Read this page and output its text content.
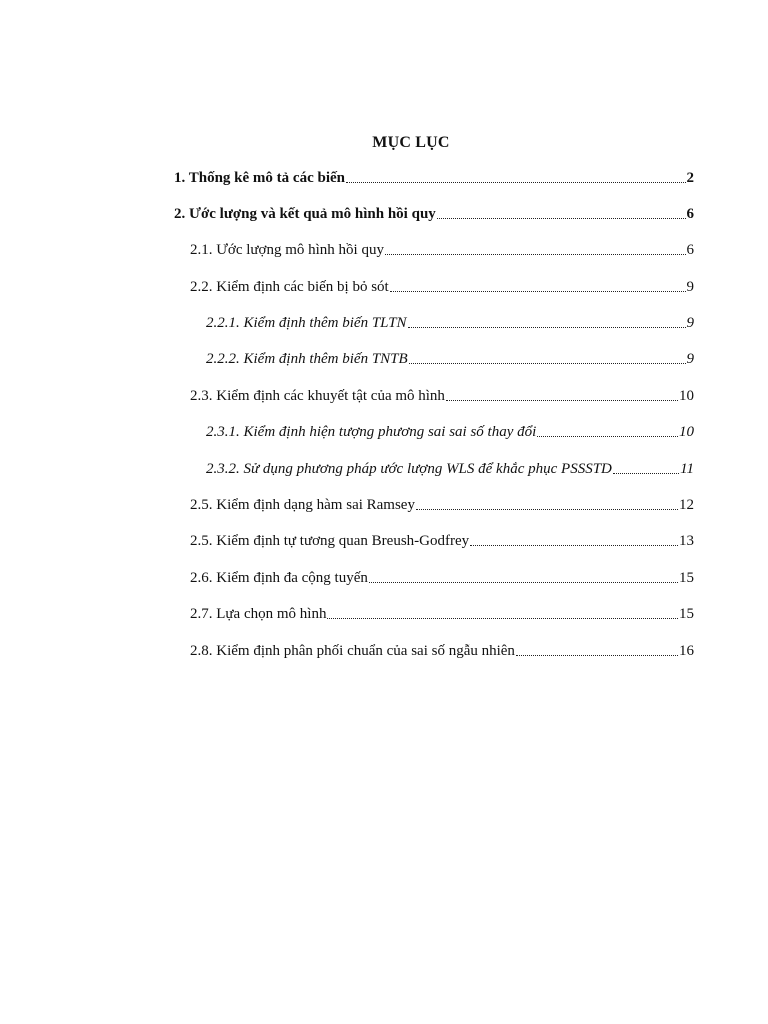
MỤC LỤC
1. Thống kê mô tả các biến	2
2. Ước lượng và kết quả mô hình hồi quy	6
2.1. Ước lượng mô hình hồi quy	6
2.2. Kiểm định các biến bị bỏ sót	9
2.2.1. Kiểm định thêm biến TLTN	9
2.2.2. Kiểm định thêm biến TNTB	9
2.3. Kiểm định các khuyết tật của mô hình	10
2.3.1. Kiểm định hiện tượng phương sai sai số thay đổi	10
2.3.2. Sử dụng phương pháp ước lượng WLS để khắc phục PSSSTD	11
2.5. Kiểm định dạng hàm sai Ramsey	12
2.5. Kiểm định tự tương quan Breush-Godfrey	13
2.6. Kiểm định đa cộng tuyến	15
2.7. Lựa chọn mô hình	15
2.8. Kiểm định phân phối chuẩn của sai số ngẫu nhiên	16
